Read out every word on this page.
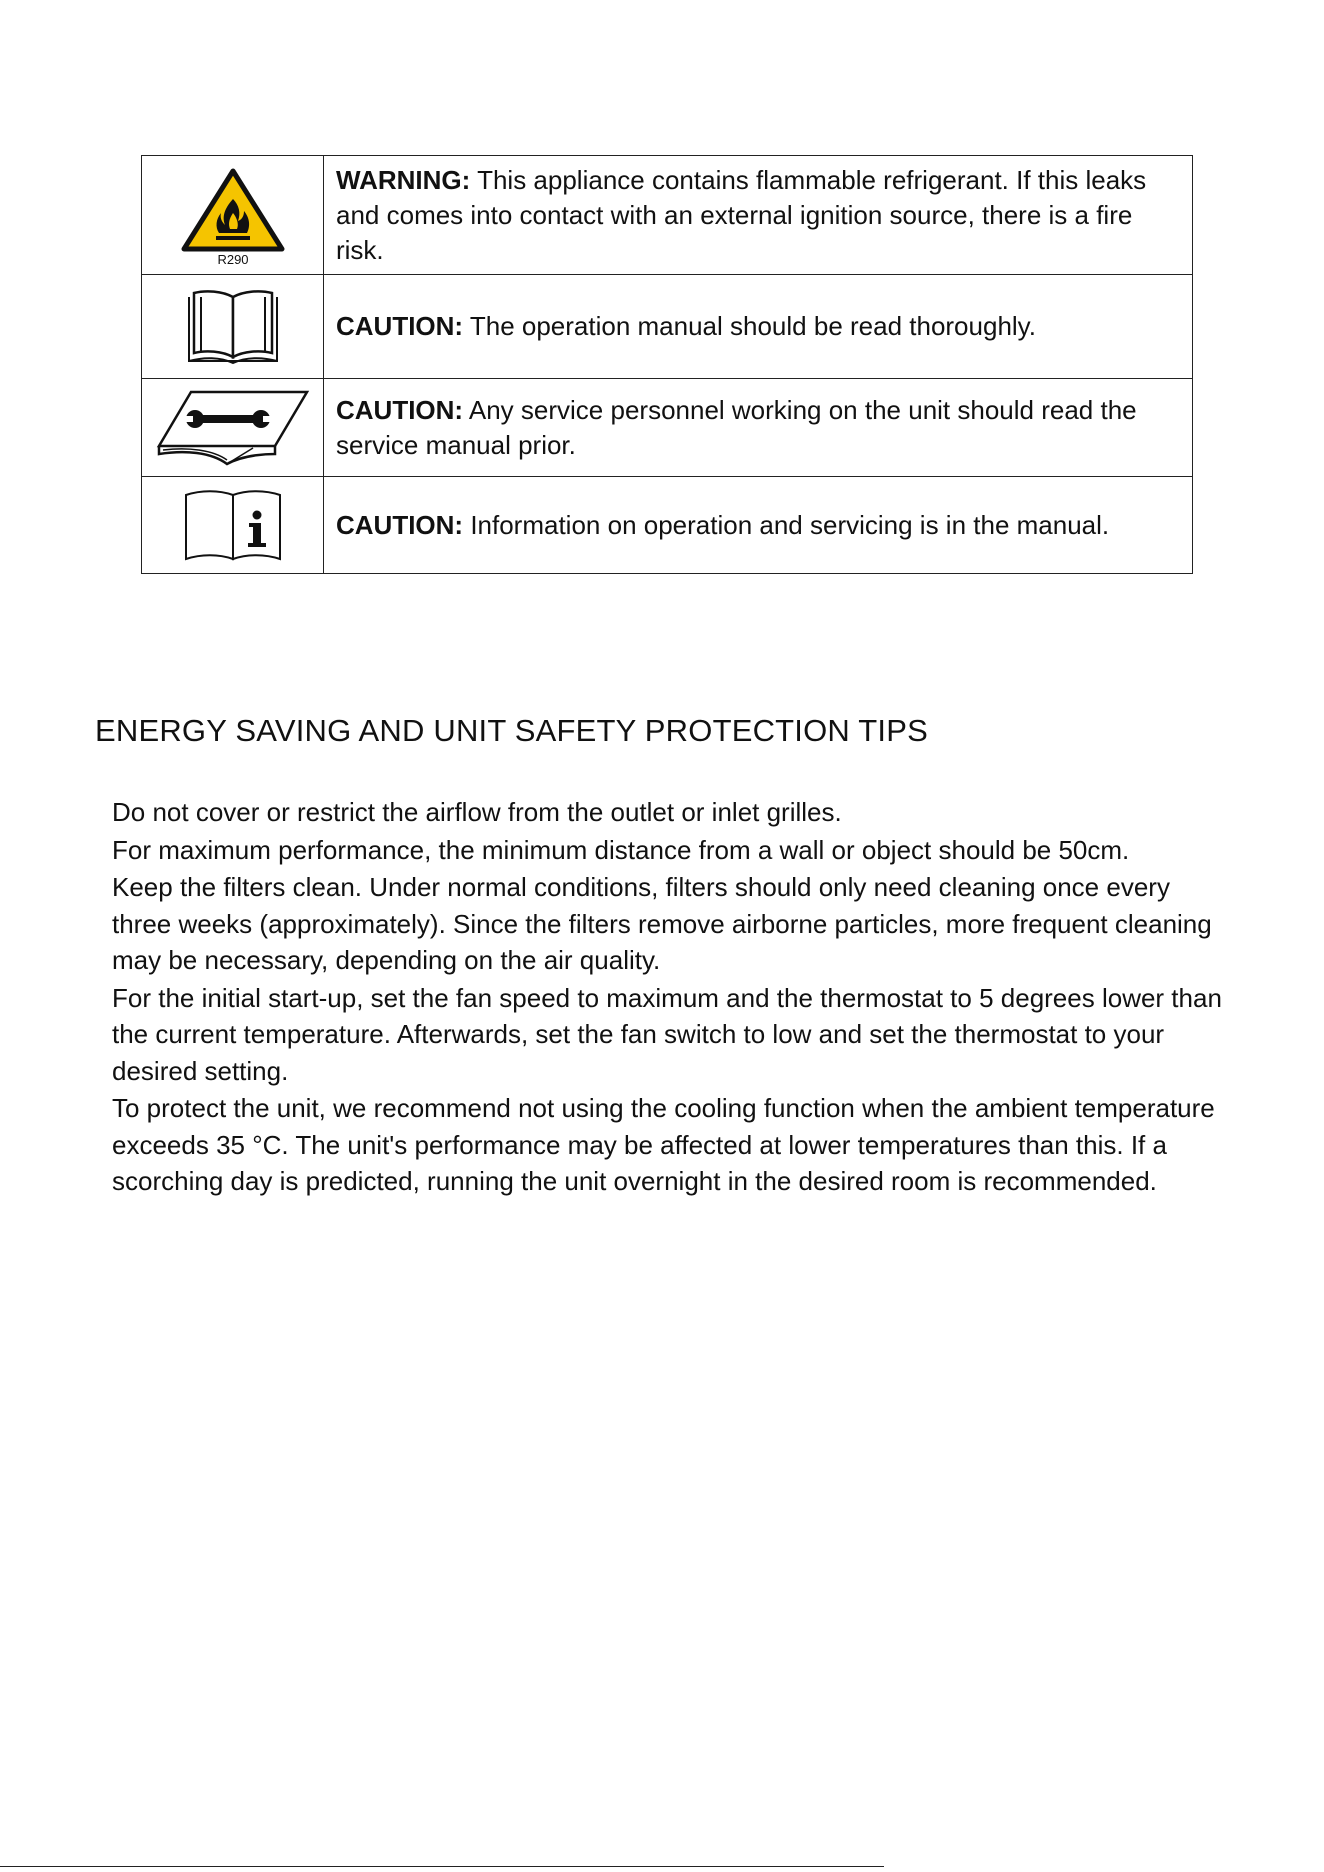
R290	WARNING: This appliance contains flammable refrigerant. If this leaks and comes into contact with an external ignition source, there is a fire risk.

	CAUTION: The operation manual should be read thoroughly.

	CAUTION: Any service personnel working on the unit should read the service manual prior.

	CAUTION: Information on operation and servicing is in the manual.
ENERGY SAVING AND UNIT SAFETY PROTECTION TIPS
Do not cover or restrict the airflow from the outlet or inlet grilles.
For maximum performance, the minimum distance from a wall or object should be 50cm.
Keep the filters clean. Under normal conditions, filters should only need cleaning once every three weeks (approximately). Since the filters remove airborne particles, more frequent cleaning may be necessary, depending on the air quality.
For the initial start-up, set the fan speed to maximum and the thermostat to 5 degrees lower than the current temperature. Afterwards, set the fan switch to low and set the thermostat to your desired setting.
To protect the unit, we recommend not using the cooling function when the ambient temperature exceeds 35 °C. The unit's performance may be affected at lower temperatures than this. If a scorching day is predicted, running the unit overnight in the desired room is recommended.
